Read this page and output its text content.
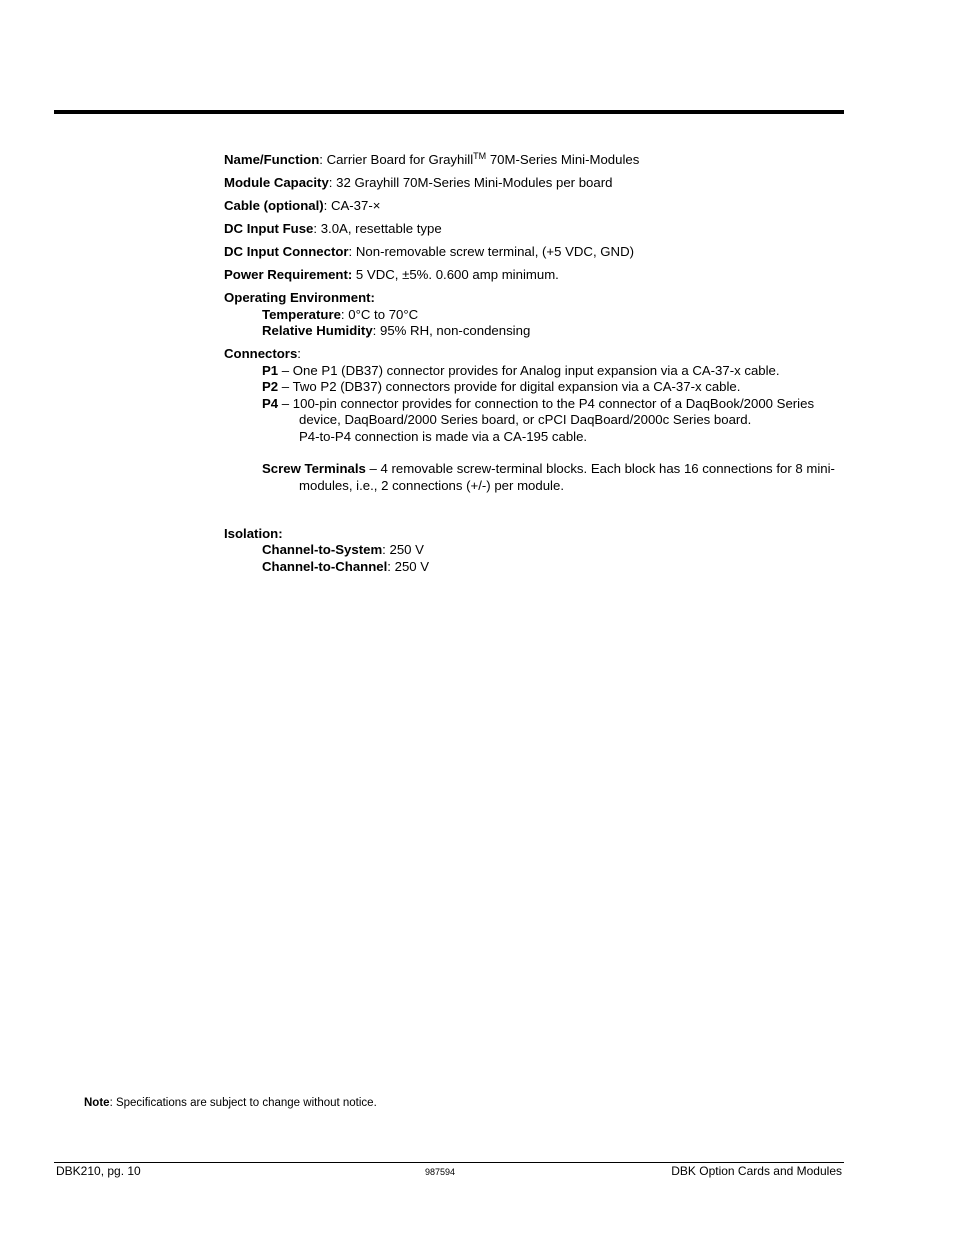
Name/Function: Carrier Board for Grayhill™ 70M-Series Mini-Modules
Module Capacity: 32 Grayhill 70M-Series Mini-Modules per board
Cable (optional): CA-37-×
DC Input Fuse: 3.0A, resettable type
DC Input Connector: Non-removable screw terminal, (+5 VDC, GND)
Power Requirement: 5 VDC, ±5%. 0.600 amp minimum.
Operating Environment:
Temperature: 0°C to 70°C
Relative Humidity: 95% RH, non-condensing
Connectors:
P1 – One P1 (DB37) connector provides for Analog input expansion via a CA-37-x cable.
P2 – Two P2 (DB37) connectors provide for digital expansion via a CA-37-x cable.
P4 – 100-pin connector provides for connection to the P4 connector of a DaqBook/2000 Series device, DaqBoard/2000 Series board, or cPCI DaqBoard/2000c Series board.
P4-to-P4 connection is made via a CA-195 cable.
Screw Terminals – 4 removable screw-terminal blocks. Each block has 16 connections for 8 mini-modules, i.e., 2 connections (+/-) per module.
Isolation:
Channel-to-System: 250 V
Channel-to-Channel: 250 V
Note: Specifications are subject to change without notice.
DBK210, pg. 10	987594	DBK Option Cards and Modules
